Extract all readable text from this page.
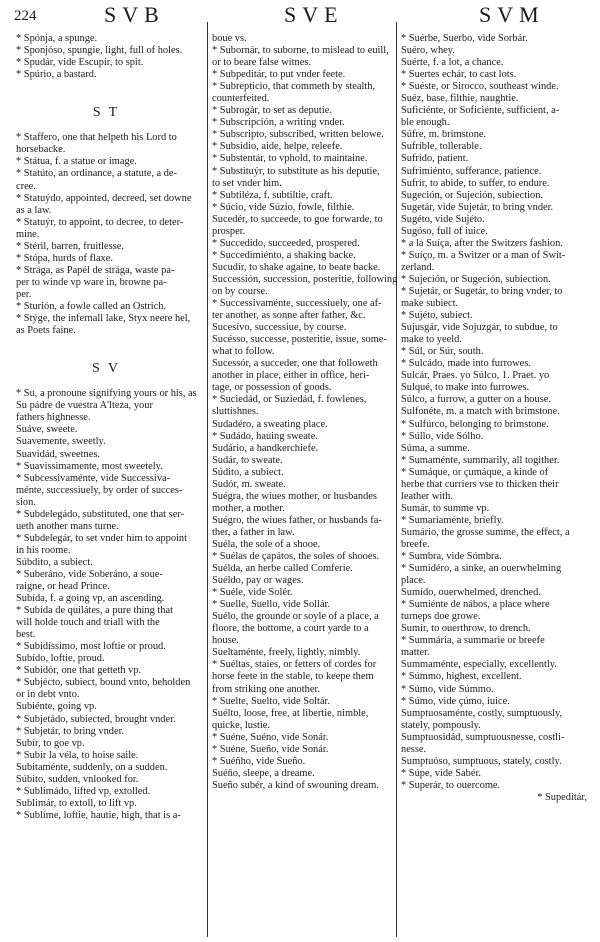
224	SVB	SVE	SVM
* Spónja, a spunge.
* Sponjóso, spungie, light, full of holes.
* Spudár, vide Escupír, to spit.
* Spúrio, a bastard.

ST

* Staffero, one that helpeth his Lord to
horsebacke.
* Státua, f. a statue or image.
* Statúto, an ordinance, a statute, a de-
cree.
* Statuýdo, appointed, decreed, set downe
as a law.
* Statuýr, to appoint, to decree, to deter-
mine.
* Stéril, barren, fruitlesse.
* Stópa, hurds of flaxe.
* Strága, as Papél de strága, waste pa-
per to winde vp ware in, browne pa-
per.
* Sturión, a fowle called an Ostrich.
* Stýge, the infernall lake, Styx neere hel,
as Poets faine.

SV

* Su, a pronoune signifying yours or his, as
Su pádre de vuestra A'lteza, your
fathers highnesse.
Suáve, sweete.
Suavemente, sweetly.
Suavidád, sweetnes.
* Suavissimamente, most sweetely.
* Subcessivaménte, vide Successiva-
ménte, successiuely, by order of succes-
sion.
* Subdelegádo, substituted, one that ser-
ueth another mans turne.
* Subdelegár, to set vnder him to appoint
in his roome.
Súbdito, a subiect.
* Suberáno, vide Soberáno, a souе-
raigne, or head Prince.
Subída, f. a going vp, an ascending.
* Subída de quilátes, a pure thing that
will holde touch and triall with the
best.
* Subidíssimo, most loftie or proud.
Subído, loftie, proud.
* Subidór, one that getteth vp.
* Subjécto, subiect, bound vnto, beholden
or in debt vnto.
Subiénte, going vp.
* Subjetádo, subiected, brought vnder.
* Subjetár, to bring vnder.
Subír, to goe vp.
* Subír la véla, to hoise saile.
Subitaménte, suddenly, on a sudden.
Súbito, sudden, vnlooked for.
* Sublimádo, lifted vp, extolled.
Sublimár, to extoll, to lift vp.
* Sublíme, loftie, hautie, high, that is a-
boue vs.
* Subornár, to suborne, to mislead to euill,
or to beare false witnes.
* Subpeditár, to put vnder feete.
* Subrepticio, that commeth by stealth,
counterfeited.
* Subrogár, to set as deputie.
* Subscripción, a writing vnder.
* Subscripto, subscribed, written belowe.
* Subsidio, aide, helpe, releefe.
* Substentár, to vphold, to maintaine.
* Substituýr, to substitute as his deputie,
to set vnder him.
* Subtiléza, f. subtiltie, craft.
* Súcio, vide Súzio, fowle, filthie.
Sucedér, to succeede, to goe forwarde, to
prosper.
* Succedido, succeeded, prospered.
* Succedimiénto, a shaking backe.
Sucudír, to shake againe, to beate backe.
Successión, succession, posteritie, following
on by course.
* Successivaménte, successiuely, one af-
ter another, as sonne after father, &c.
Sucesívo, successiue, by course.
Sucésso, successe, posteritie, issue, some-
what to follow.
Sucessór, a succeder, one that followeth
another in place, either in office, heri-
tage, or possession of goods.
* Suciedád, or Suziedád, f. fowlenes,
sluttishnes.
Sudadéro, a sweating place.
* Sudádo, hauing sweate.
Sudário, a handkerchiefe.
Sudár, to sweate.
Súdito, a subiect.
Sudór, m. sweate.
Suégra, the wiues mother, or husbandes
mother, a mother.
Suégro, the wiues father, or husbands fa-
ther, a father in law.
Suéla, the sole of a shooe.
* Suélas de çapátos, the soles of shooes.
Suélda, an herbe called Comferie.
Suéldo, pay or wages.
* Suéle, vide Solér.
* Suelle, Suello, vide Sollár.
Suélo, the grounde or soyle of a place, a
floore, the bottome, a court yarde to a
house.
Sueltaménte, freely, lightly, nimbly.
* Suéltas, staies, or fetters of cordes for
horse feete in the stable, to keepe them
from striking one another.
* Suelte, Suelto, vide Soltár.
Suélto, loose, free, at libertie, nimble,
quicke, lustie.
* Suéne, Suéno, vide Sonár.
* Suéne, Sueño, vide Sonár.
* Suéñho, vide Sueño.
Suéño, sleepe, a dreame.
Sueño subér, a kind of swouning dream.
* Suérbe, Suerbo, vide Sorbár.
Suéro, whey.
Suérte, f. a lot, a chance.
* Suertes echár, to cast lots.
* Suéste, or Sirocco, southeast winde.
Suéz, base, filthie, naughtie.
Suficiénte, or Soficiénte, sufficient, a-
ble enough.
Súfre, m. brimstone.
Sufrible, tollerable.
Sufrído, patient.
Sufrimiénto, sufferance, patience.
Sufrír, to abide, to suffer, to endure.
Sugeción, or Sujeción, subiection.
Sugetár, vide Sujetár, to bring vnder.
Sugéto, vide Sujéto.
Sugóso, full of iuice.
* a la Suíça, after the Switzers fashion.
* Suíço, m. a Switzer or a man of Swit-
zerland.
* Sujeción, or Sugeción, subiection.
* Sujetár, or Sugetár, to bring vnder, to
make subiect.
* Sujéto, subiect.
Sujusgár, vide Sojuzgár, to subdue, to
make to yeeld.
* Súl, or Súr, south.
* Sulcádo, made into furrowes.
Sulcár, Praes. yo Súlco, 1. Praet. yo
Sulqué, to make into furrowes.
Súlco, a furrow, a gutter on a house.
Sulfonéte, m. a match with brimstone.
* Sulfúrco, belonging to brimstone.
* Súllo, vide Sólho.
Súma, a summe.
* Sumaménte, summarily, all togither.
* Sumáque, or çumáque, a kinde of
herbe that curriers vse to thicken their
leather with.
Sumár, to summe vp.
* Sumariaménte, briefly.
Sumário, the grosse summe, the effect, a
breefe.
* Sumbra, vide Sómbra.
* Sumidéro, a sinke, an ouerwhelming
place.
Sumído, ouerwhelmed, drenched.
* Sumiénte de nábos, a place where
turneps doe growe.
Sumír, to ouerthrow, to drench.
* Summária, a summarie or breefe
matter.
Summaménte, especially, excellently.
* Súmmo, highest, excellent.
* Súmo, vide Súmmo.
* Súmo, vide çúmo, iuice.
Sumptuosaménte, costly, sumptuously,
stately, pompously.
Sumptuosidád, sumptuousnesse, costli-
nesse.
Sumptuóso, sumptuous, stately, costly.
* Súpe, vide Sabér.
* Superár, to ouercome.
* Supeditár,
